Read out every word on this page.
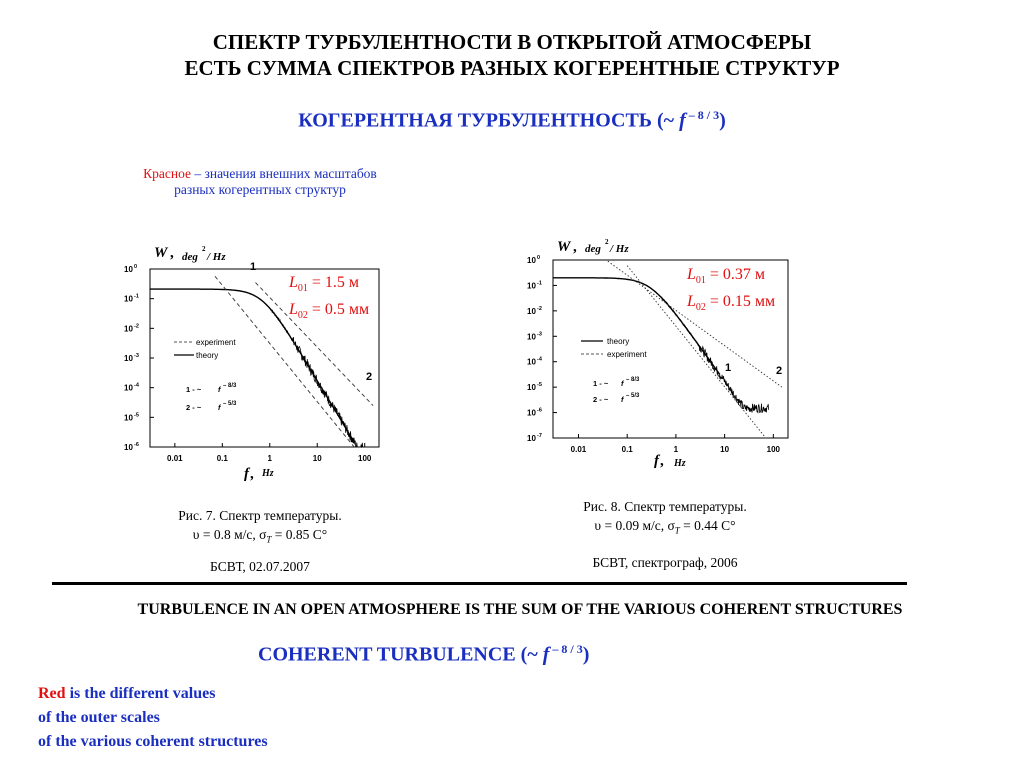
СПЕКТР ТУРБУЛЕНТНОСТИ В ОТКРЫТОЙ АТМОСФЕРЫ
ЕСТЬ СУММА СПЕКТРОВ РАЗНЫХ КОГЕРЕНТНЫЕ СТРУКТУР
КОГЕРЕНТНАЯ ТУРБУЛЕНТНОСТЬ (~ f $^{- 8 / 3}$)
Красное – значения внешних масштабов
разных когерентных структур
W , deg
2
/ Hz
10 0
10 -1
10 -2
10 -3
10 -4
10 -5
10 -6
0.01	0.1	1	10	100
experiment
theory
1 - ~ f – 8/3
2 - ~ f – 5/3
1
2
f , Hz
$L_{01} = 1.5$ м
$L_{02} = 0.5$ мм
Рис. 7. Спектр температуры.
υ = 0.8 м/с, $\sigma_T = 0.85$ C°
БСВТ, 02.07.2007
W , deg
2
/ Hz
10 0
10 -1
10 -2
10 -3
10 -4
10 -5
10 -6
10 -7
0.01	0.1	1	10	100
theory
experiment
1 - ~ f – 8/3
2 - ~ f – 5/3
1	2
f , Hz
$L_{01} = 0.37$ м
$L_{02} = 0.15$ мм
Рис. 8. Спектр температуры.
υ = 0.09 м/с, $\sigma_T = 0.44$ C°
БСВТ, спектрограф, 2006
TURBULENCE IN AN OPEN ATMOSPHERE IS THE SUM OF THE VARIOUS COHERENT STRUCTURES
COHERENT TURBULENCE (~ f $^{- 8 / 3}$)
Red is the different values
of the outer scales
of the various coherent structures
